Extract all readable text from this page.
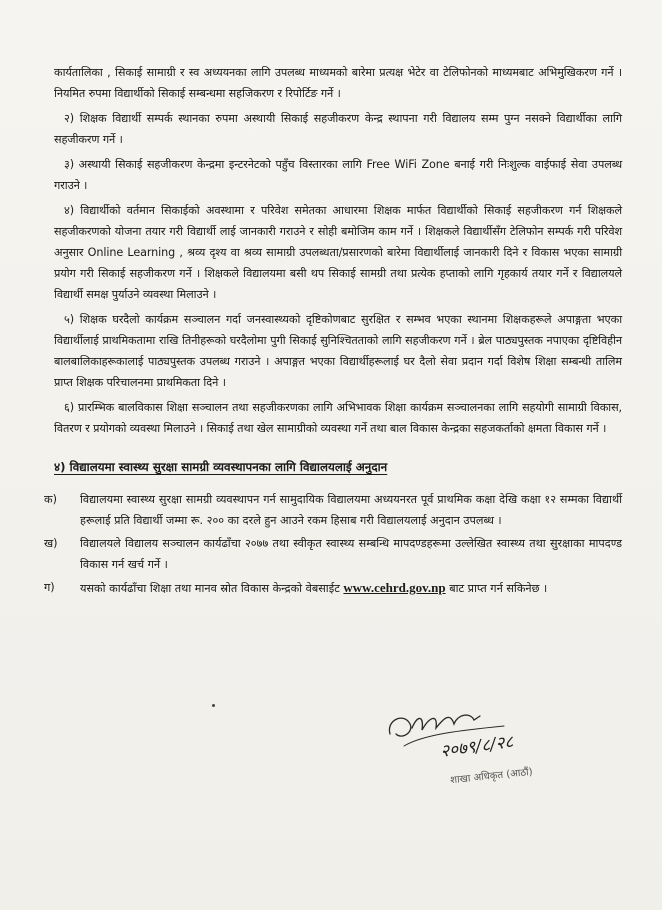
कार्यतालिका , सिकाई सामाग्री र स्व अध्ययनका लागि उपलब्ध माध्यमको बारेमा प्रत्यक्ष भेटेर वा टेलिफोनको माध्यमबाट अभिमुखिकरण गर्ने । नियमित रुपमा विद्यार्थीको सिकाई सम्बन्धमा सहजिकरण र रिपोर्टिङ गर्ने ।

२) शिक्षक विद्यार्थी सम्पर्क स्थानका रुपमा अस्थायी सिकाई सहजीकरण केन्द्र स्थापना गरी विद्यालय सम्म पुग्न नसक्ने विद्यार्थीका लागि सहजीकरण गर्ने ।

३) अस्थायी सिकाई सहजीकरण केन्द्रमा इन्टरनेटको पहुँच विस्तारका लागि Free WiFi Zone बनाई गरी निःशुल्क वाईफाई सेवा उपलब्ध गराउने ।

४) विद्यार्थीको वर्तमान सिकाईको अवस्थामा र परिवेश समेतका आधारमा शिक्षक मार्फत विद्यार्थीको सिकाई सहजीकरण गर्न शिक्षकले सहजीकरणको योजना तयार गरी विद्यार्थी लाई जानकारी गराउने र सोही बमोजिम काम गर्ने । शिक्षकले विद्यार्थीसँग टेलिफोन सम्पर्क गरी परिवेश अनुसार Online Learning , श्रव्य दृश्य वा श्रव्य सामाग्री उपलब्धता/प्रसारणको बारेमा विद्यार्थीलाई जानकारी दिने र विकास भएका सामाग्री प्रयोग गरी सिकाई सहजीकरण गर्ने । शिक्षकले विद्यालयमा बसी थप सिकाई सामग्री तथा प्रत्येक हप्ताको लागि गृहकार्य तयार गर्ने र विद्यालयले विद्यार्थी समक्ष पुर्याउने व्यवस्था मिलाउने ।

५) शिक्षक घरदैलो कार्यक्रम सञ्चालन गर्दा जनस्वास्थ्यको दृष्टिकोणबाट सुरक्षित र सम्भव भएका स्थानमा शिक्षकहरूले अपाङ्गता भएका विद्यार्थीलाई प्राथमिकतामा राखि तिनीहरूको घरदैलोमा पुगी सिकाई सुनिश्चितताको लागि सहजीकरण गर्ने । ब्रेल पाठ्यपुस्तक नपाएका दृष्टिविहीन बालबालिकाहरूकालाई पाठ्यपुस्तक उपलब्ध गराउने । अपाङ्गत भएका विद्यार्थीहरूलाई घर दैलो सेवा प्रदान गर्दा विशेष शिक्षा सम्बन्धी तालिम प्राप्त शिक्षक परिचालनमा प्राथमिकता दिने ।

६) प्रारम्भिक बालविकास शिक्षा सञ्चालन तथा सहजीकरणका लागि अभिभावक शिक्षा कार्यक्रम सञ्चालनका लागि सहयोगी सामाग्री विकास, वितरण र प्रयोगको व्यवस्था मिलाउने । सिकाई तथा खेल सामाग्रीको व्यवस्था गर्ने तथा बाल विकास केन्द्रका सहजकर्ताको क्षमता विकास गर्ने ।

४) विद्यालयमा स्वास्थ्य सुरक्षा सामग्री व्यवस्थापनका लागि विद्यालयलाई अनुदान
क) विद्यालयमा स्वास्थ्य सुरक्षा सामग्री व्यवस्थापन गर्न सामुदायिक विद्यालयमा अध्ययनरत पूर्व प्राथमिक कक्षा देखि कक्षा १२ सम्मका विद्यार्थी हरूलाई प्रति विद्यार्थी जम्मा रू. २०० का दरले हुन आउने रकम हिसाब गरी विद्यालयलाई अनुदान उपलब्ध ।
ख) विद्यालयले विद्यालय सञ्चालन कार्यढाँचा २०७७ तथा स्वीकृत स्वास्थ्य सम्बन्धि मापदण्डहरूमा उल्लेखित स्वास्थ्य तथा सुरक्षाका मापदण्ड विकास गर्न खर्च गर्ने ।
ग) यसको कार्यढाँचा शिक्षा तथा मानव स्रोत विकास केन्द्रको वेबसाईट www.cehrd.gov.np बाट प्राप्त गर्न सकिनेछ ।
२०७९/८/२८
शाखा अधिकृत (आठौं)
